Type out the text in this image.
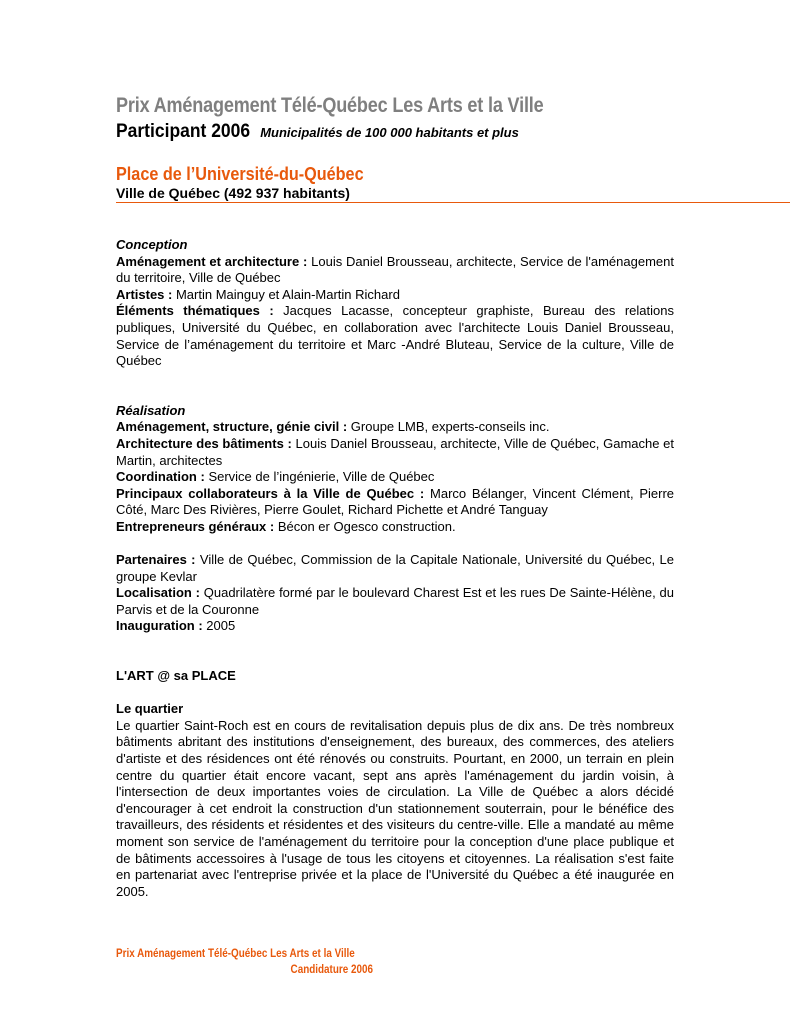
Prix Aménagement Télé-Québec Les Arts et la Ville
Participant 2006 Municipalités de 100 000 habitants et plus
Place de l’Université-du-Québec
Ville de Québec (492 937 habitants)

Conception

Aménagement et architecture : Louis Daniel Brousseau, architecte, Service de l'aménagement du territoire, Ville de Québec

Artistes : Martin Mainguy et Alain-Martin Richard

Éléments thématiques : Jacques Lacasse, concepteur graphiste, Bureau des relations publiques, Université du Québec, en collaboration avec l'architecte Louis Daniel Brousseau, Service de l’aménagement du territoire et Marc -André Bluteau, Service de la culture, Ville de Québec

Réalisation

Aménagement, structure, génie civil : Groupe LMB, experts-conseils inc.

Architecture des bâtiments : Louis Daniel Brousseau, architecte, Ville de Québec, Gamache et Martin, architectes

Coordination : Service de l’ingénierie, Ville de Québec

Principaux collaborateurs à la Ville de Québec : Marco Bélanger, Vincent Clément, Pierre Côté, Marc Des Rivières, Pierre Goulet, Richard Pichette et André Tanguay

Entrepreneurs généraux : Bécon er Ogesco construction.

Partenaires : Ville de Québec, Commission de la Capitale Nationale, Université du Québec, Le groupe Kevlar

Localisation : Quadrilatère formé par le boulevard Charest Est et les rues De Sainte-Hélène, du Parvis et de la Couronne

Inauguration : 2005

L'ART @ sa PLACE

Le quartier

Le quartier Saint-Roch est en cours de revitalisation depuis plus de dix ans. De très nombreux bâtiments abritant des institutions d'enseignement, des bureaux, des commerces, des ateliers d'artiste et des résidences ont été rénovés ou construits. Pourtant, en 2000, un terrain en plein centre du quartier était encore vacant, sept ans après l'aménagement du jardin voisin, à l'intersection de deux importantes voies de circulation. La Ville de Québec a alors décidé d'encourager à cet endroit la construction d'un stationnement souterrain, pour le bénéfice des travailleurs, des résidents et résidentes et des visiteurs du centre-ville. Elle a mandaté au même moment son service de l'aménagement du territoire pour la conception d'une place publique et de bâtiments accessoires à l'usage de tous les citoyens et citoyennes. La réalisation s'est faite en partenariat avec l'entreprise privée et la place de l'Université du Québec a été inaugurée en 2005.

Prix Aménagement Télé-Québec Les Arts et la Ville
Candidature 2006
